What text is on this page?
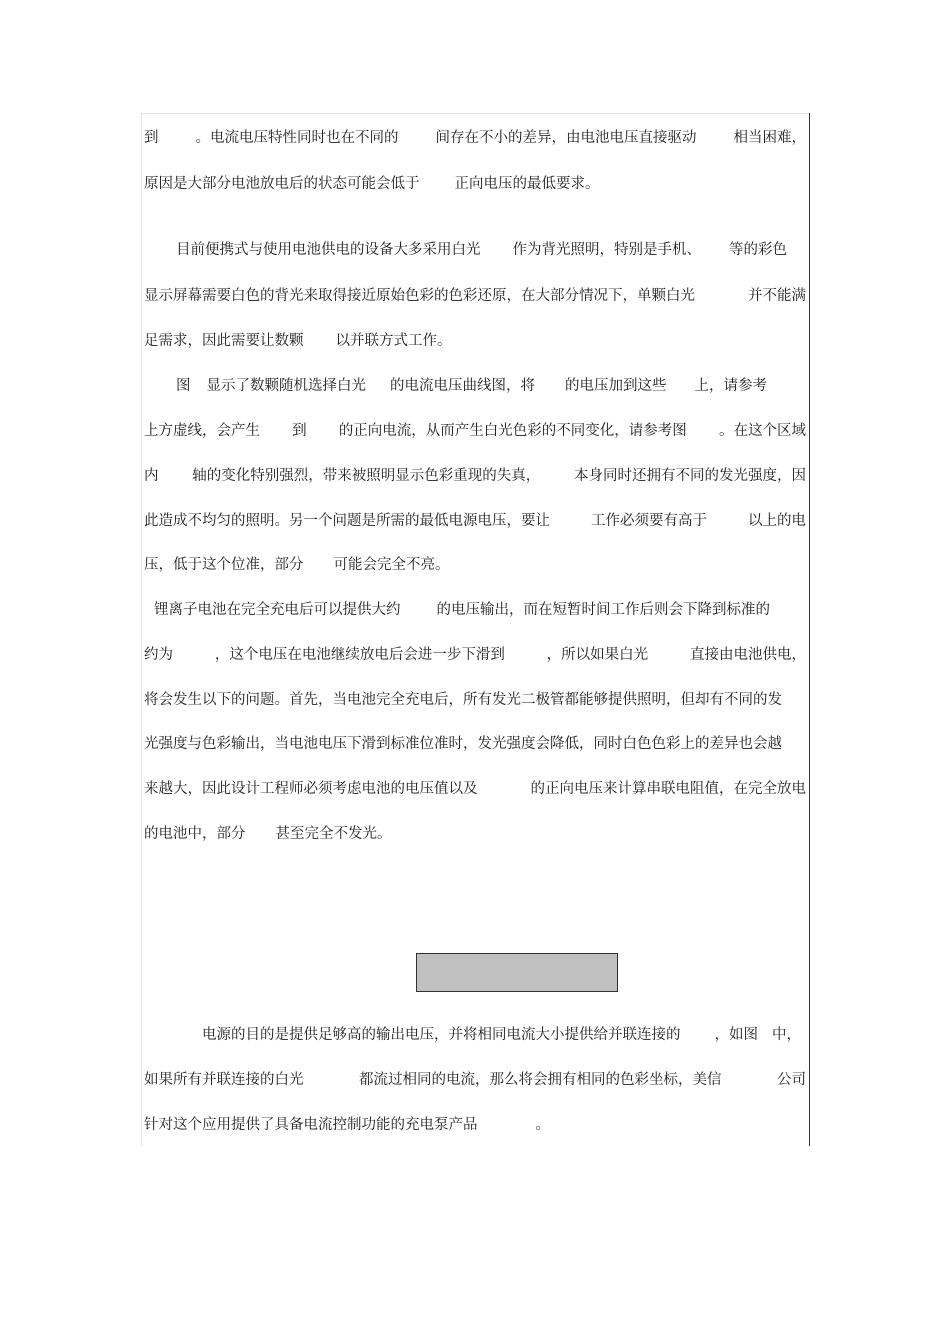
到	。电流电压特性同时也在不同的	间存在不小的差异，由电池电压直接驱动	相当困难，
原因是大部分电池放电后的状态可能会低于 正向电压的最低要求。
目前便携式与使用电池供电的设备大多采用白光 作为背光照明，特别是手机、 等的彩色
显示屏幕需要白色的背光来取得接近原始色彩的色彩还原，在大部分情况下，单颗白光	并不能满
足需求，因此需要让数颗 以并联方式工作。
图 显示了数颗随机选择白光 的电流电压曲线图，将 的电压加到这些 上，请参考
上方虚线，会产生 到 的正向电流，从而产生白光色彩的不同变化，请参考图 。在这个区域
内 轴的变化特别强烈，带来被照明显示色彩重现的失真， 本身同时还拥有不同的发光强度，因
此造成不均匀的照明。另一个问题是所需的最低电源电压，要让	工作必须要有高于	以上的电
压，低于这个位准，部分 可能会完全不亮。
锂离子电池在完全充电后可以提供大约 的电压输出，而在短暂时间工作后则会下降到标准的
约为	，这个电压在电池继续放电后会进一步下滑到	，所以如果白光	直接由电池供电，
将会发生以下的问题。首先，当电池完全充电后，所有发光二极管都能够提供照明，但却有不同的发
光强度与色彩输出，当电池电压下滑到标准位准时，发光强度会降低，同时白色色彩上的差异也会越
来越大，因此设计工程师必须考虑电池的电压值以及	的正向电压来计算串联电阻值，在完全放电
的电池中，部分 甚至完全不发光。
电源的目的是提供足够高的输出电压，并将相同电流大小提供给并联连接的 ，如图 中，
如果所有并联连接的白光	都流过相同的电流，那么将会拥有相同的色彩坐标，美信	公司
针对这个应用提供了具备电流控制功能的充电泵产品	。
